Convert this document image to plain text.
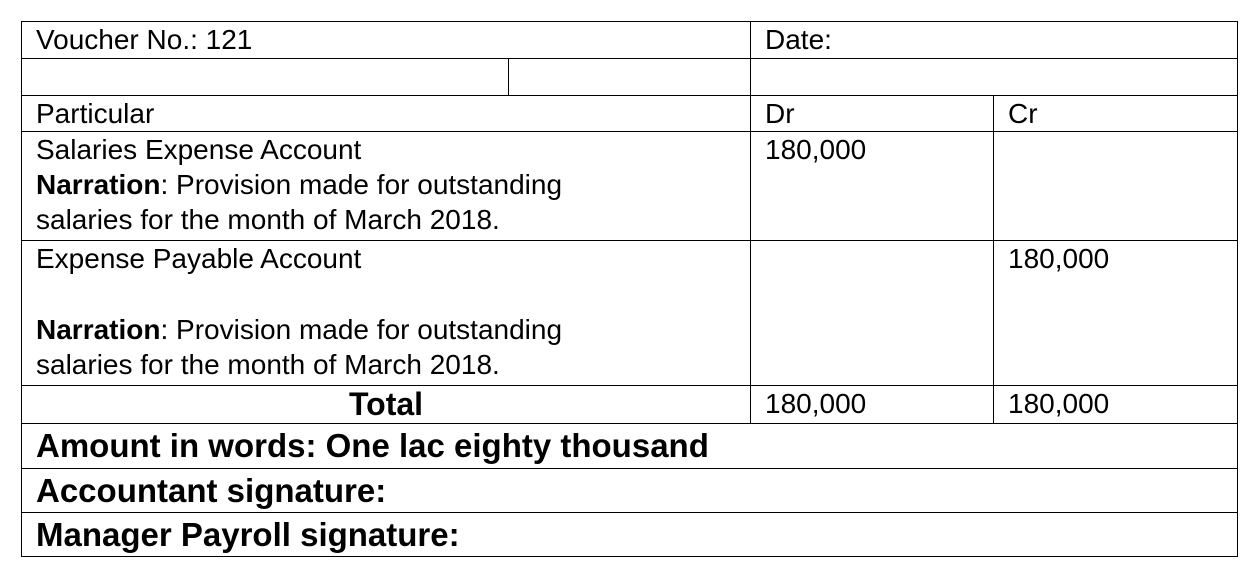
Voucher No.: 121		Date:	

Particular		Dr	Cr

Salaries Expense Account
Narration: Provision made for outstanding
salaries for the month of March 2018.		180,000	

Expense Payable Account
Narration: Provision made for outstanding
salaries for the month of March 2018.			180,000
Total		180,000	180,000
Amount in words: One lac eighty thousand			
Accountant signature:			
Manager Payroll signature:			
